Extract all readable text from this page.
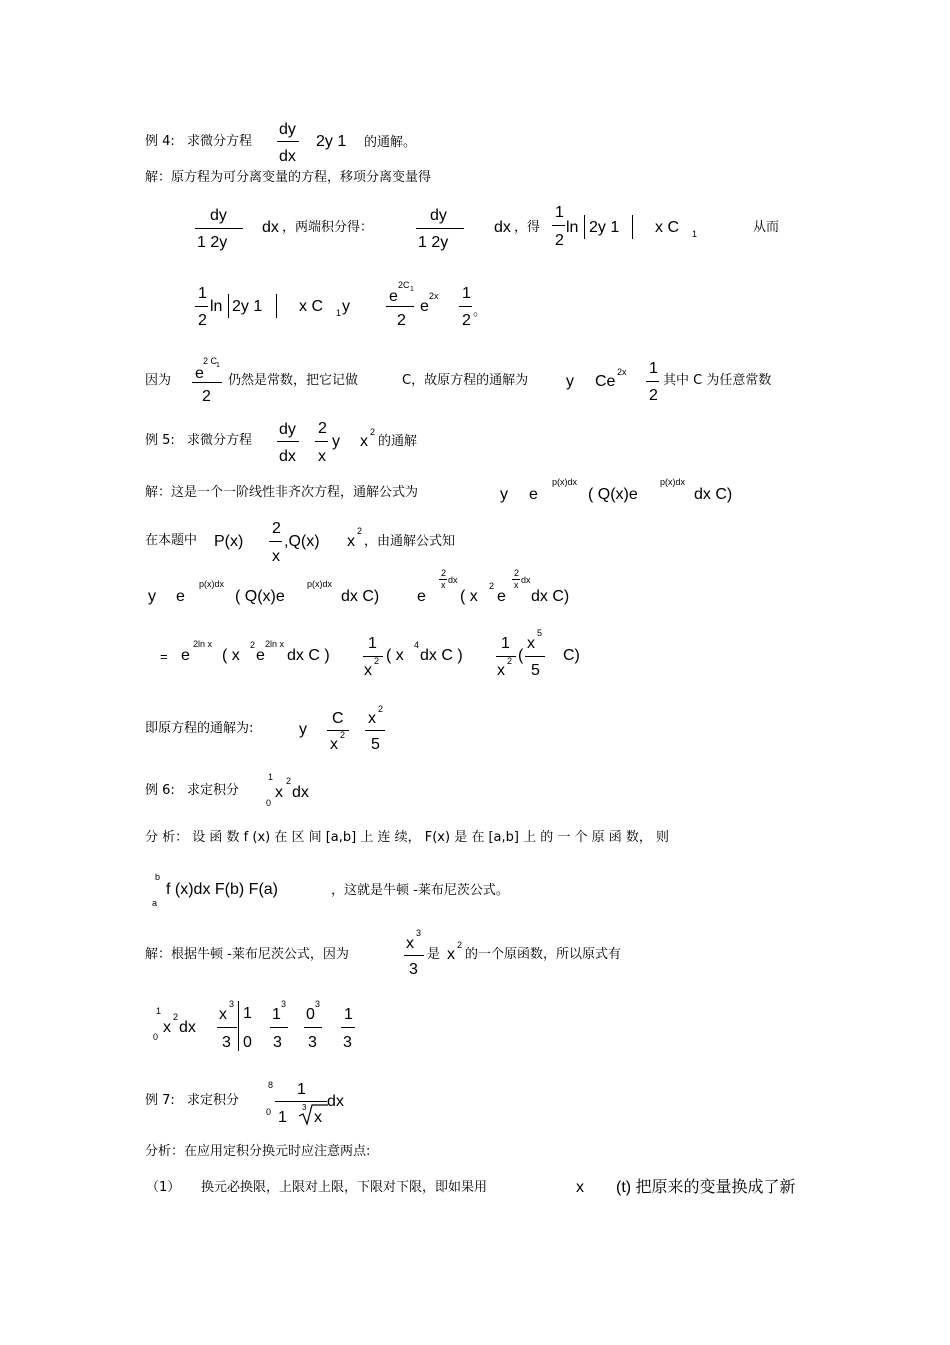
例 4: 求微分方程
dy
dx
2y 1 的通解。
解：原方程为可分离变量的方程，移项分离变量得
dy
1 2y
dx ，两端积分得：
dy
1 2y
dx ，得
1
2
ln 2y 1 x C 1	从而
1
2
ln 2y 1 x C 1 y
e
2C 1
2
e
2x 1
2
。
因为 e
2 C
1
2
仍然是常数，把它记做	C，故原方程的通解为 y Ce
2x 1
2
其中 C 为任意常数
例 5: 求微分方程
dy
dx
2
x
y x
2
的通解
解：这是一个一阶线性非齐次方程，通解公式为	y e
p(x)dx
( Q(x)e
p(x)dx
dx C)
在本题中 P(x)
2
x
,Q(x) x
2
，由通解公式知
y e
p(x)dx
( Q(x)e
p(x)dx
dx C) e
2
x dx
( x
2
e
2
x dx
dx C)
= e
2ln x
( x
2
e
2ln x
dx C )
1
x
2 ( x
4
dx C )
1
x
2 (
x
5
5
C)
即原方程的通解为:	y
C
x
2
x
2
5
例 6: 求定积分
1
0
x
2
dx
分 析： 设 函 数 f (x) 在 区 间 [a,b] 上 连 续， F(x) 是 在 [a,b] 上 的 一 个 原 函 数， 则
b
a
f (x)dx F(b) F(a)	，这就是牛顿 -莱布尼茨公式。
解：根据牛顿 -莱布尼茨公式，因为
x
3
3
是 x
2
的一个原函数，所以原式有
1
0
x
2
dx
x
3
3
1
0
1
3
3
0
3
3
1
3
例 7: 求定积分
8
0
1
1
3
x
dx
分析：在应用定积分换元时应注意两点:
（1） 换元必换限，上限对上限，下限对下限，即如果用	x (t) 把原来的变量换成了新
